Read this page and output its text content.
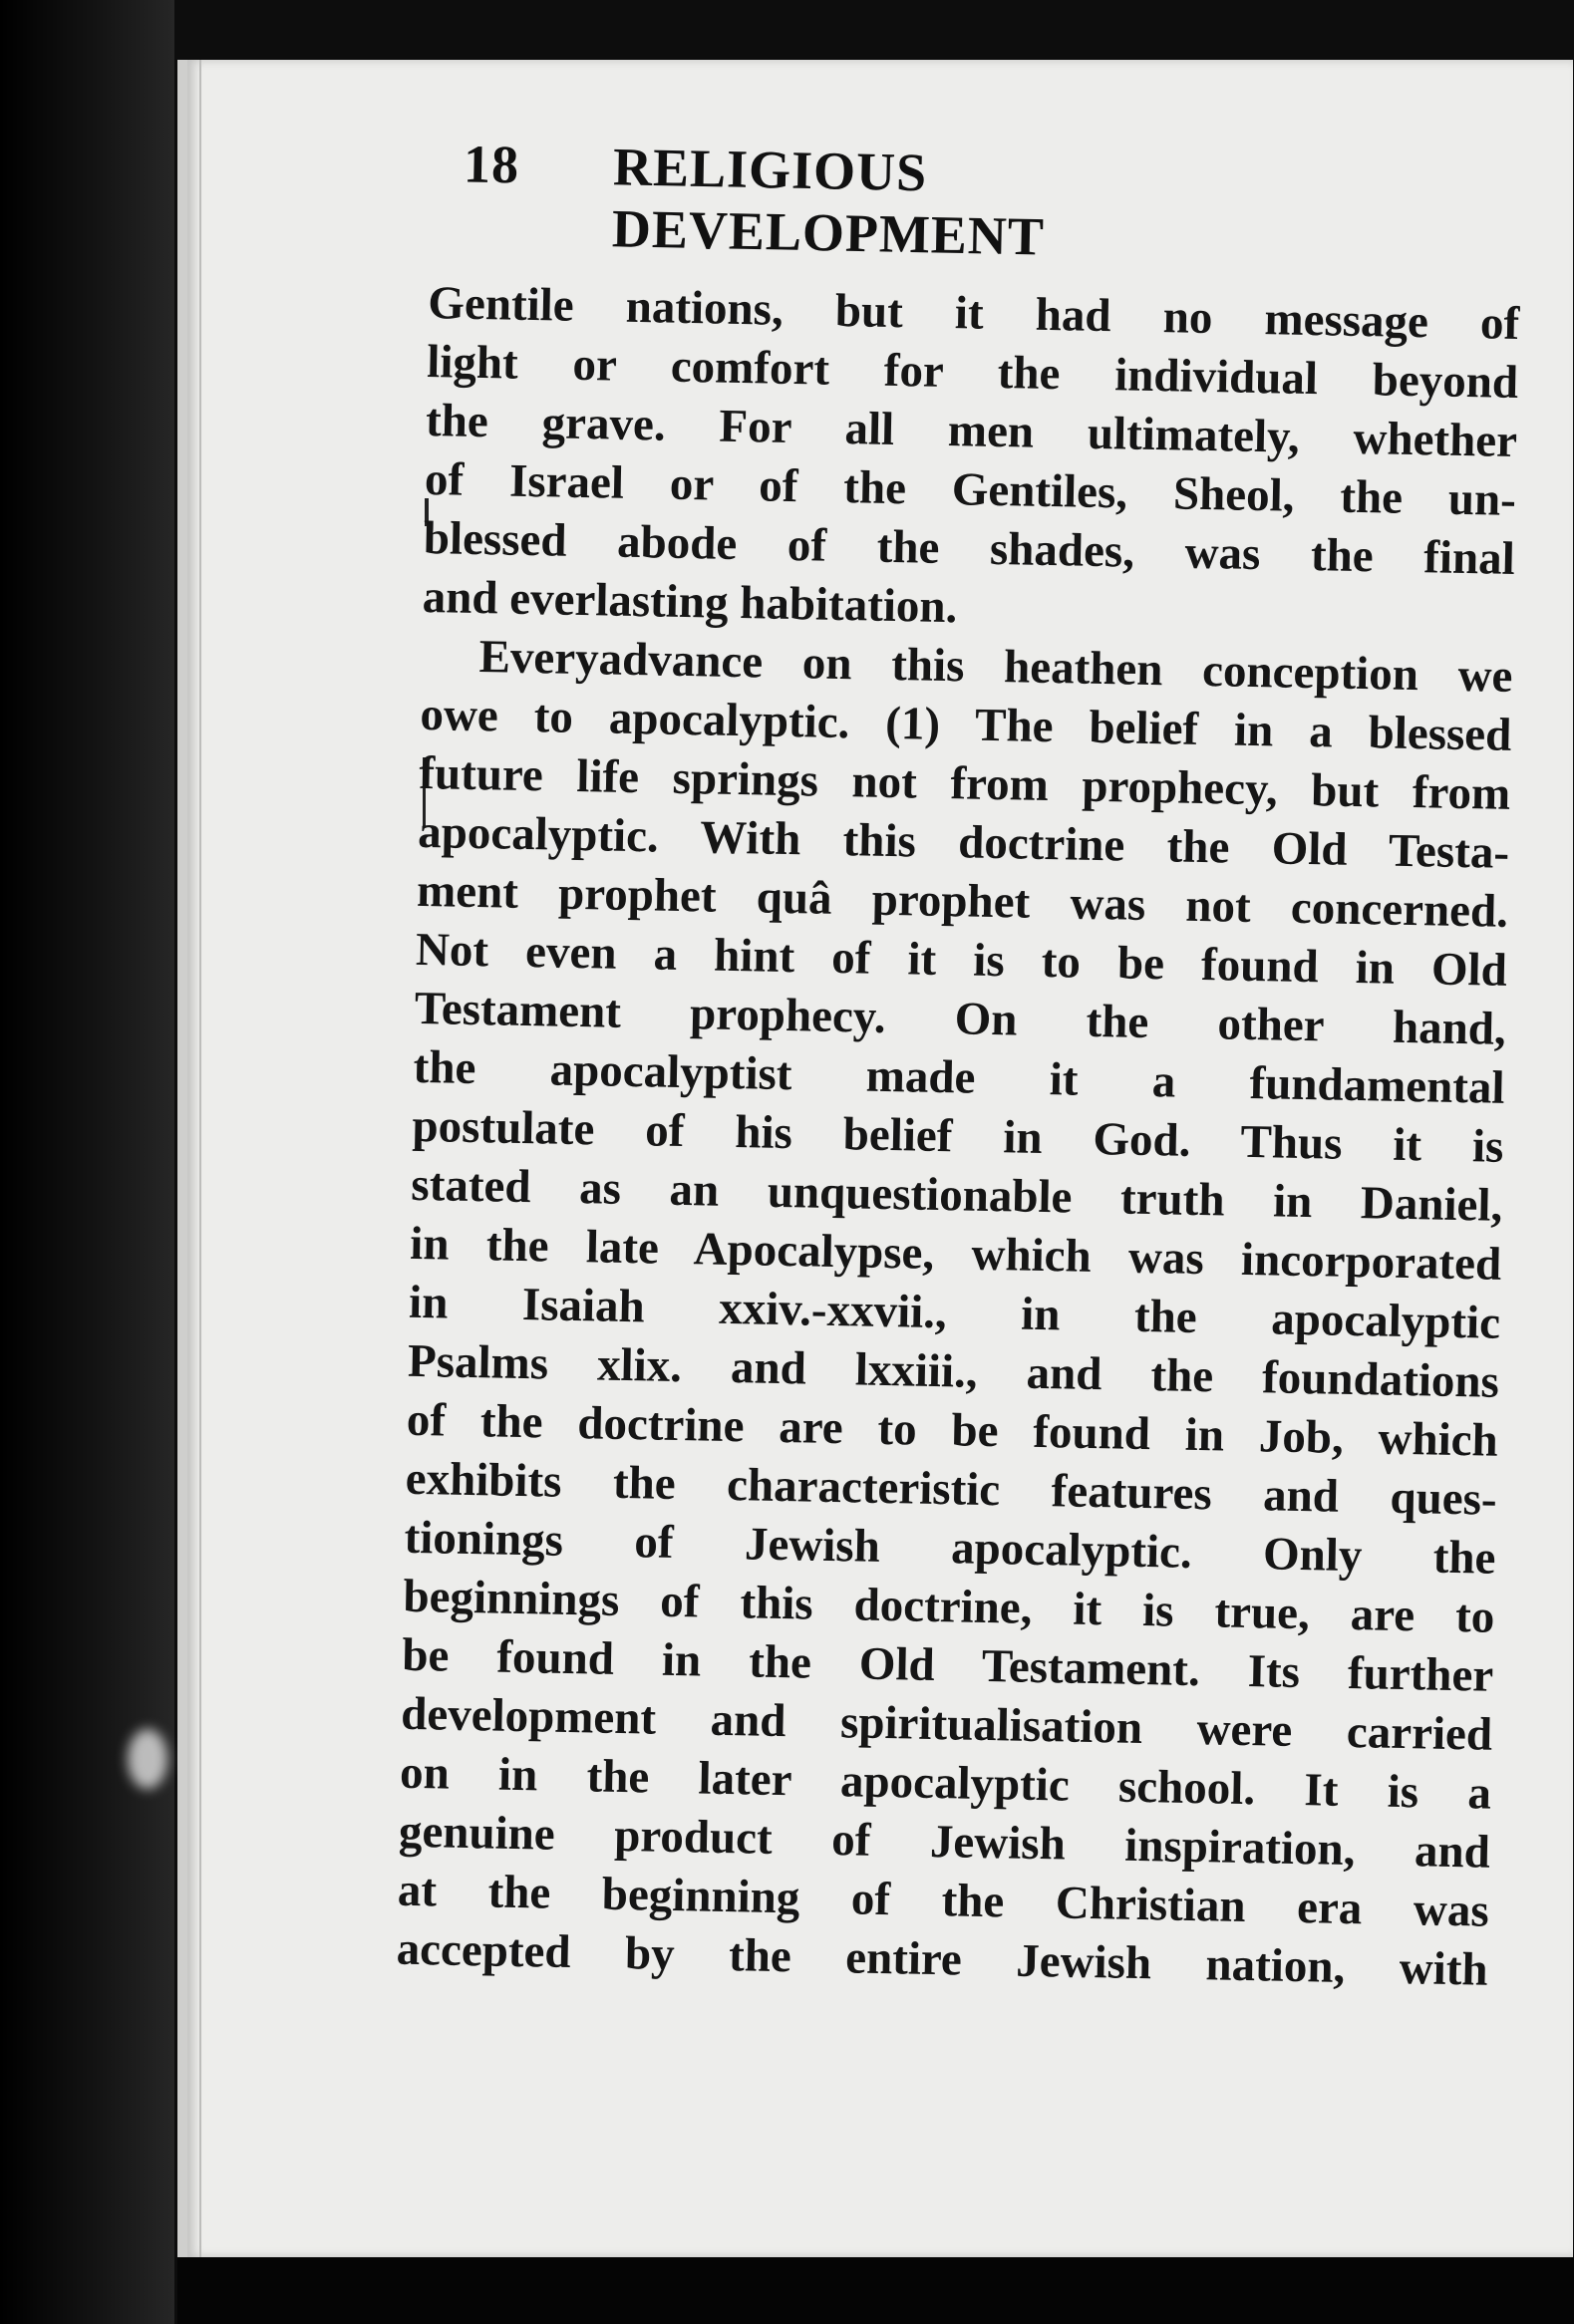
18 RELIGIOUS DEVELOPMENT
Gentile nations, but it had no message of
light or comfort for the individual beyond
the grave. For all men ultimately, whether
of Israel or of the Gentiles, Sheol, the un-
blessed abode of the shades, was the final
and everlasting habitation.
Everyadvance on this heathen conception we
owe to apocalyptic. (1) The belief in a blessed
future life springs not from prophecy, but from
apocalyptic. With this doctrine the Old Testa-
ment prophet quâ prophet was not concerned.
Not even a hint of it is to be found in Old
Testament prophecy. On the other hand,
the apocalyptist made it a fundamental
postulate of his belief in God. Thus it is
stated as an unquestionable truth in Daniel,
in the late Apocalypse, which was incorporated
in Isaiah xxiv.-xxvii., in the apocalyptic
Psalms xlix. and lxxiii., and the foundations
of the doctrine are to be found in Job, which
exhibits the characteristic features and ques-
tionings of Jewish apocalyptic. Only the
beginnings of this doctrine, it is true, are to
be found in the Old Testament. Its further
development and spiritualisation were carried
on in the later apocalyptic school. It is a
genuine product of Jewish inspiration, and
at the beginning of the Christian era was
accepted by the entire Jewish nation, with
